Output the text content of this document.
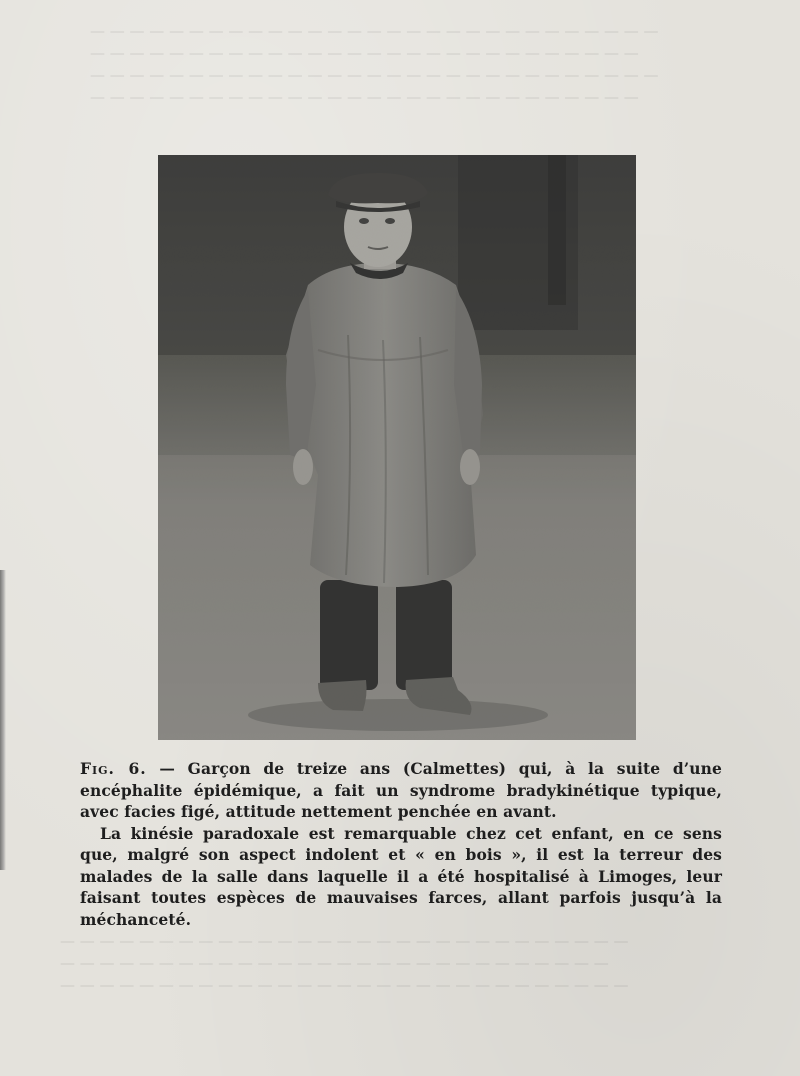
— — — — — — — — — — — — — — — — — — — — — — — — — — — — —
— — — — — — — — — — — — — — — — — — — — — — — — — — — —
— — — — — — — — — — — — — — — — — — — — — — — — — — — — —
— — — — — — — — — — — — — — — — — — — — — — — — — — — —

Fig. 6. — Garçon de treize ans (Calmettes) qui, à la suite d’une encéphalite épidémique, a fait un syndrome bradykinétique typique, avec facies figé, attitude nettement penchée en avant.

La kinésie paradoxale est remarquable chez cet enfant, en ce sens que, malgré son aspect indolent et « en bois », il est la terreur des malades de la salle dans laquelle il a été hospitalisé à Limoges, leur faisant toutes espèces de mauvaises farces, allant parfois jusqu’à la méchanceté.

— — — — — — — — — — — — — — — — — — — — — — — — — — — — —
— — — — — — — — — — — — — — — — — — — — — — — — — — — —
— — — — — — — — — — — — — — — — — — — — — — — — — — — — —
